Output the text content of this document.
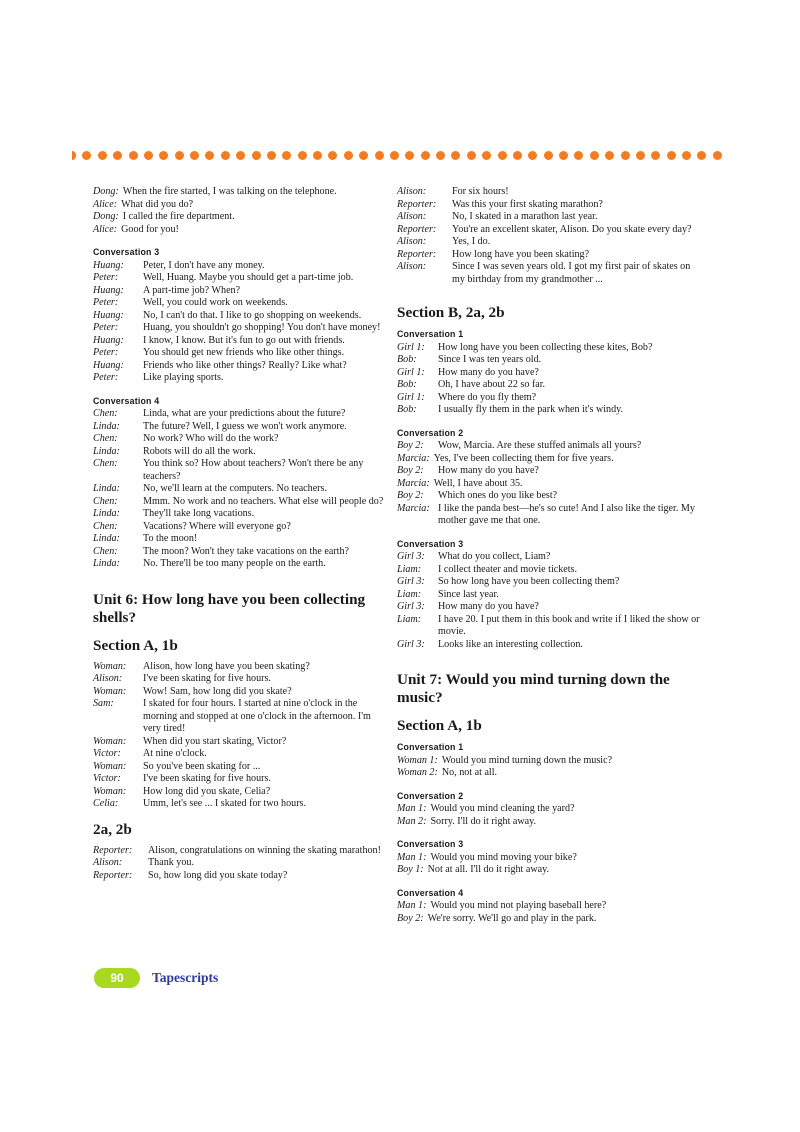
Dong: When the fire started, I was talking on the telephone.
Alice: What did you do?
Dong: I called the fire department.
Alice: Good for you!
Conversation 3
Huang:	Peter, I don't have any money.
Peter:	Well, Huang. Maybe you should get a part-time job.
Huang:	A part-time job? When?
Peter:	Well, you could work on weekends.
Huang:	No, I can't do that. I like to go shopping on weekends.
Peter:	Huang, you shouldn't go shopping! You don't have money!
Huang:	I know, I know. But it's fun to go out with friends.
Peter:	You should get new friends who like other things.
Huang:	Friends who like other things? Really? Like what?
Peter:	Like playing sports.
Conversation 4
Chen:	Linda, what are your predictions about the future?
Linda:	The future? Well, I guess we won't work anymore.
Chen:	No work? Who will do the work?
Linda:	Robots will do all the work.
Chen:	You think so? How about teachers? Won't there be any teachers?
Linda:	No, we'll learn at the computers. No teachers.
Chen:	Mmm. No work and no teachers. What else will people do?
Linda:	They'll take long vacations.
Chen:	Vacations? Where will everyone go?
Linda:	To the moon!
Chen:	The moon? Won't they take vacations on the earth?
Linda:	No. There'll be too many people on the earth.
Unit 6: How long have you been collecting shells?
Section A, 1b
Woman:	Alison, how long have you been skating?
Alison:	I've been skating for five hours.
Woman:	Wow! Sam, how long did you skate?
Sam:	I skated for four hours. I started at nine o'clock in the morning and stopped at one o'clock in the afternoon. I'm very tired!
Woman:	When did you start skating, Victor?
Victor:	At nine o'clock.
Woman:	So you've been skating for ...
Victor:	I've been skating for five hours.
Woman:	How long did you skate, Celia?
Celia:	Umm, let's see ... I skated for two hours.
2a, 2b
Reporter:	Alison, congratulations on winning the skating marathon!
Alison:	Thank you.
Reporter:	So, how long did you skate today?
Alison:	For six hours!
Reporter:	Was this your first skating marathon?
Alison:	No, I skated in a marathon last year.
Reporter:	You're an excellent skater, Alison. Do you skate every day?
Alison:	Yes, I do.
Reporter:	How long have you been skating?
Alison:	Since I was seven years old. I got my first pair of skates on my birthday from my grandmother ...
Section B, 2a, 2b
Conversation 1
Girl 1:	How long have you been collecting these kites, Bob?
Bob:	Since I was ten years old.
Girl 1:	How many do you have?
Bob:	Oh, I have about 22 so far.
Girl 1:	Where do you fly them?
Bob:	I usually fly them in the park when it's windy.
Conversation 2
Boy 2:	Wow, Marcia. Are these stuffed animals all yours?
Marcia: Yes, I've been collecting them for five years.
Boy 2:	How many do you have?
Marcia: Well, I have about 35.
Boy 2:	Which ones do you like best?
Marcia: I like the panda best—he's so cute! And I also like the tiger. My mother gave me that one.
Conversation 3
Girl 3:	What do you collect, Liam?
Liam:	I collect theater and movie tickets.
Girl 3:	So how long have you been collecting them?
Liam:	Since last year.
Girl 3:	How many do you have?
Liam:	I have 20. I put them in this book and write if I liked the show or movie.
Girl 3:	Looks like an interesting collection.
Unit 7: Would you mind turning down the music?
Section A, 1b
Conversation 1
Woman 1: Would you mind turning down the music?
Woman 2: No, not at all.
Conversation 2
Man 1: Would you mind cleaning the yard?
Man 2: Sorry. I'll do it right away.
Conversation 3
Man 1: Would you mind moving your bike?
Boy 1: Not at all. I'll do it right away.
Conversation 4
Man 1: Would you mind not playing baseball here?
Boy 2: We're sorry. We'll go and play in the park.
90 Tapescripts
